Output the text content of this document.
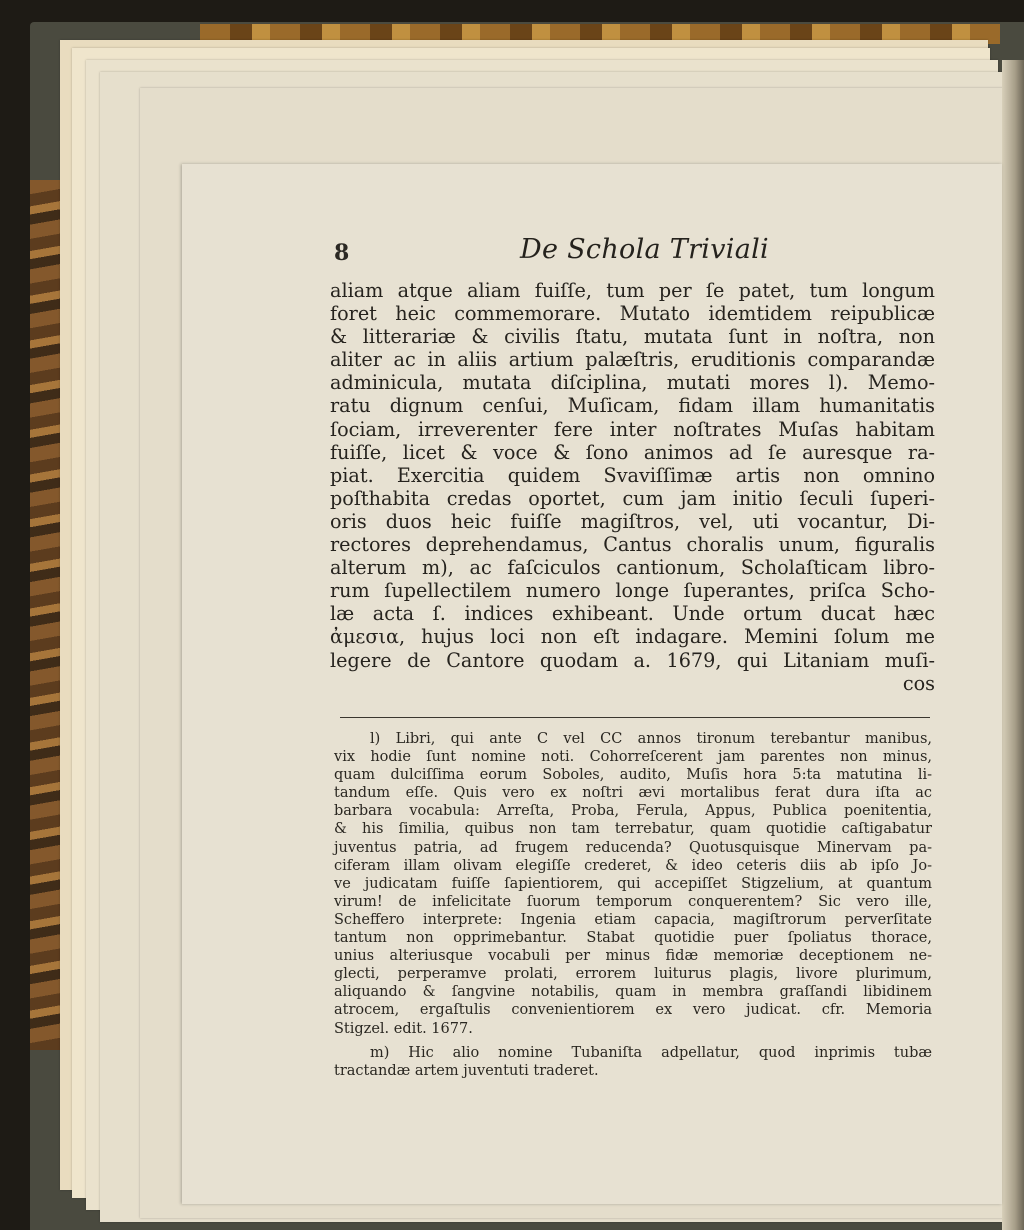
8	De Schola Triviali
aliam atque aliam fuiſſe, tum per ſe patet, tum longum
foret heic commemorare. Mutato idemtidem reipublicæ
& litterariæ & civilis ſtatu, mutata ſunt in noſtra, non
aliter ac in aliis artium palæſtris, eruditionis comparandæ
adminicula, mutata diſciplina, mutati mores l). Memo-
ratu dignum cenſui, Muſicam, fidam illam humanitatis
ſociam, irreverenter fere inter noſtrates Muſas habitam
fuiſſe, licet & voce & ſono animos ad ſe auresque ra-
piat. Exercitia quidem Svaviſſimæ artis non omnino
poſthabita credas oportet, cum jam initio ſeculi ſuperi-
oris duos heic fuiſſe magiſtros, vel, uti vocantur, Di-
rectores deprehendamus, Cantus choralis unum, figuralis
alterum m), ac faſciculos cantionum, Scholaſticam libro-
rum ſupellectilem numero longe ſuperantes, priſca Scho-
læ acta ſ. indices exhibeant. Unde ortum ducat hæc
ἀμεσια, hujus loci non eſt indagare. Memini ſolum me
legere de Cantore quodam a. 1679, qui Litaniam muſi-
cos
l) Libri, qui ante C vel CC annos tironum terebantur manibus,
vix hodie ſunt nomine noti. Cohorreſcerent jam parentes non minus,
quam dulciſſima eorum Soboles, audito, Muſis hora 5:ta matutina li-
tandum eſſe. Quis vero ex noſtri ævi mortalibus ferat dura iſta ac
barbara vocabula: Arreſta, Proba, Ferula, Appus, Publica poenitentia,
& his ſimilia, quibus non tam terrebatur, quam quotidie caſtigabatur
juventus patria, ad frugem reducenda? Quotusquisque Minervam pa-
ciferam illam olivam elegiſſe crederet, & ideo ceteris diis ab ipſo Jo-
ve judicatam fuiſſe ſapientiorem, qui accepiſſet Stigzelium, at quantum
virum! de infelicitate ſuorum temporum conquerentem? Sic vero ille,
Scheffero interprete: Ingenia etiam capacia, magiſtrorum perverſitate
tantum non opprimebantur. Stabat quotidie puer ſpoliatus thorace,
unius alteriusque vocabuli per minus fidæ memoriæ deceptionem ne-
glecti, perperamve prolati, errorem luiturus plagis, livore plurimum,
aliquando & ſangvine notabilis, quam in membra graſſandi libidinem
atrocem, ergaſtulis convenientiorem ex vero judicat. cfr. Memoria
Stigzel. edit. 1677.
m) Hic alio nomine Tubaniſta adpellatur, quod inprimis tubæ
tractandæ artem juventuti traderet.
